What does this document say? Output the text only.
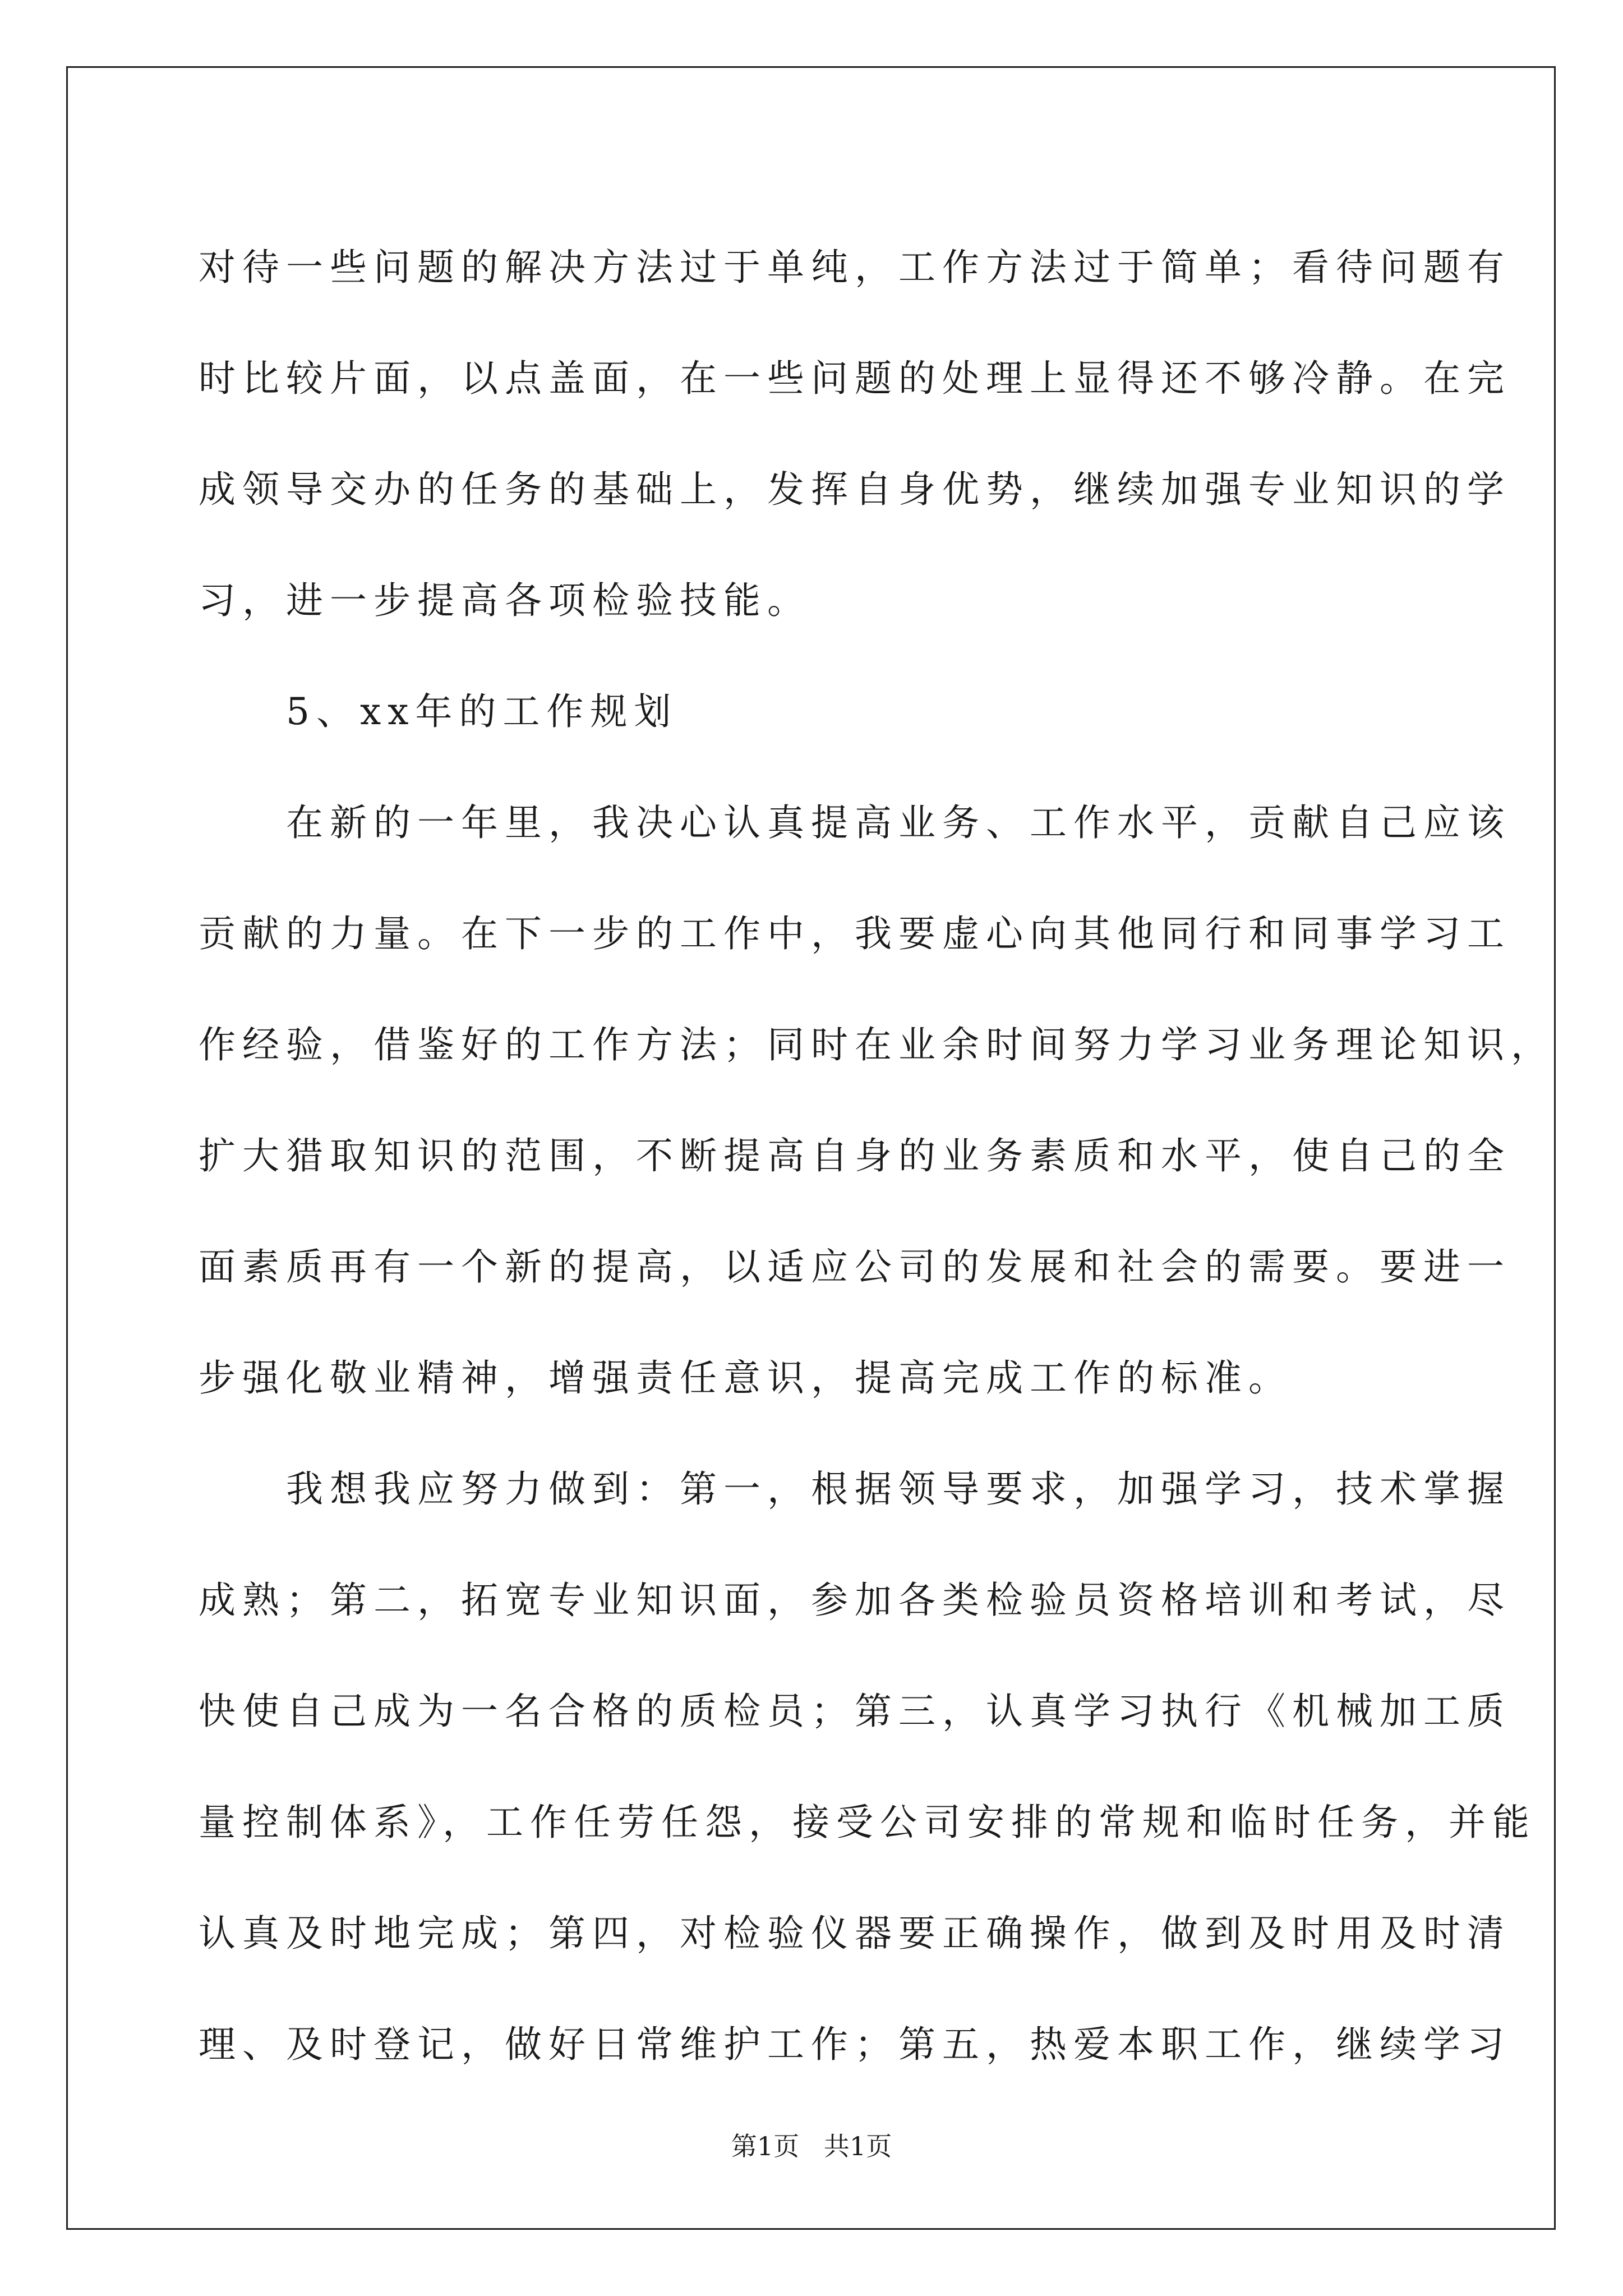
对待一些问题的解决方法过于单纯，工作方法过于简单；看待问题有
时比较片面，以点盖面，在一些问题的处理上显得还不够冷静。在完
成领导交办的任务的基础上，发挥自身优势，继续加强专业知识的学
习，进一步提高各项检验技能。
　　5、xx年的工作规划
　　在新的一年里，我决心认真提高业务、工作水平，贡献自己应该
贡献的力量。在下一步的工作中，我要虚心向其他同行和同事学习工
作经验，借鉴好的工作方法；同时在业余时间努力学习业务理论知识，
扩大猎取知识的范围，不断提高自身的业务素质和水平，使自己的全
面素质再有一个新的提高，以适应公司的发展和社会的需要。要进一
步强化敬业精神，增强责任意识，提高完成工作的标准。
　　我想我应努力做到：第一，根据领导要求，加强学习，技术掌握
成熟；第二，拓宽专业知识面，参加各类检验员资格培训和考试，尽
快使自己成为一名合格的质检员；第三，认真学习执行《机械加工质
量控制体系》，工作任劳任怨，接受公司安排的常规和临时任务，并能
认真及时地完成；第四，对检验仪器要正确操作，做到及时用及时清
理、及时登记，做好日常维护工作；第五，热爱本职工作，继续学习
第1页   共1页
